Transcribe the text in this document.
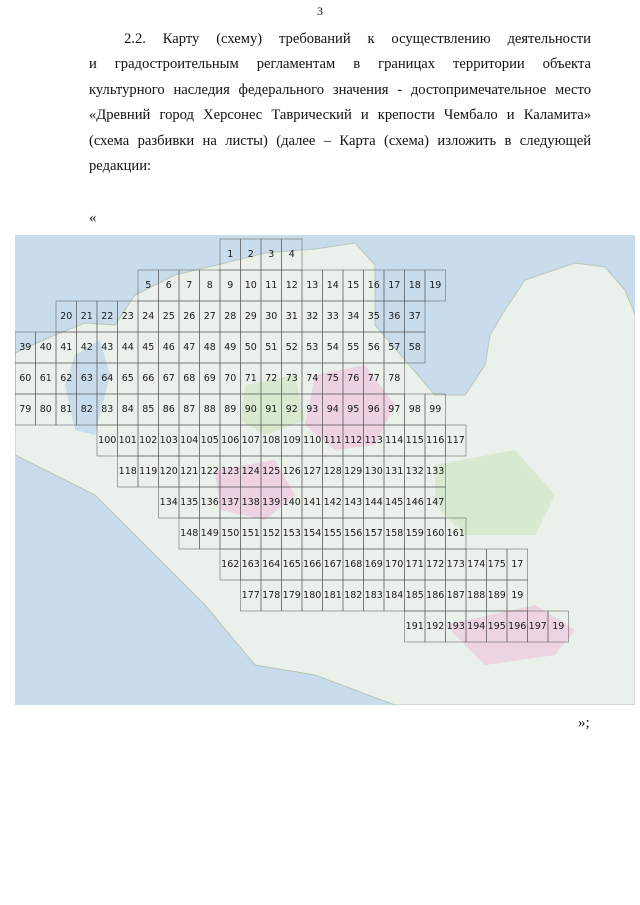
3

2.2. Карту (схему) требований к осуществлению деятельности
и градостроительным регламентам в границах территории объекта
культурного наследия федерального значения - достопримечательное место
«Древний город Херсонес Таврический и крепости Чембало и Каламита»
(схема разбивки на листы) (далее – Карта (схема) изложить в следующей
редакции:

«
1 2 3 4
5 6 7 8 9 10 11 12 13 14 15 16 17 18 19
20 21 22 23 24 25 26 27 28 29 30 31 32 33 34 35 36 37
39 40 41 42 43 44 45 46 47 48 49 50 51 52 53 54 55 56 57 58
60 61 62 63 64 65 66 67 68 69 70 71 72 73 74 75 76 77 78
79 80 81 82 83 84 85 86 87 88 89 90 91 92 93 94 95 96 97 98 99
100 101 102 103 104 105 106 107 108 109 110 111 112 113 114 115 116 117
118 119 120 121 122 123 124 125 126 127 128 129 130 131 132 133
134 135 136 137 138 139 140 141 142 143 144 145 146 147
148 149 150 151 152 153 154 155 156 157 158 159 160 161
162 163 164 165 166 167 168 169 170 171 172 173 174 175 17
177 178 179 180 181 182 183 184 185 186 187 188 189 19
191 192 193 194 195 196 197 19
»;
